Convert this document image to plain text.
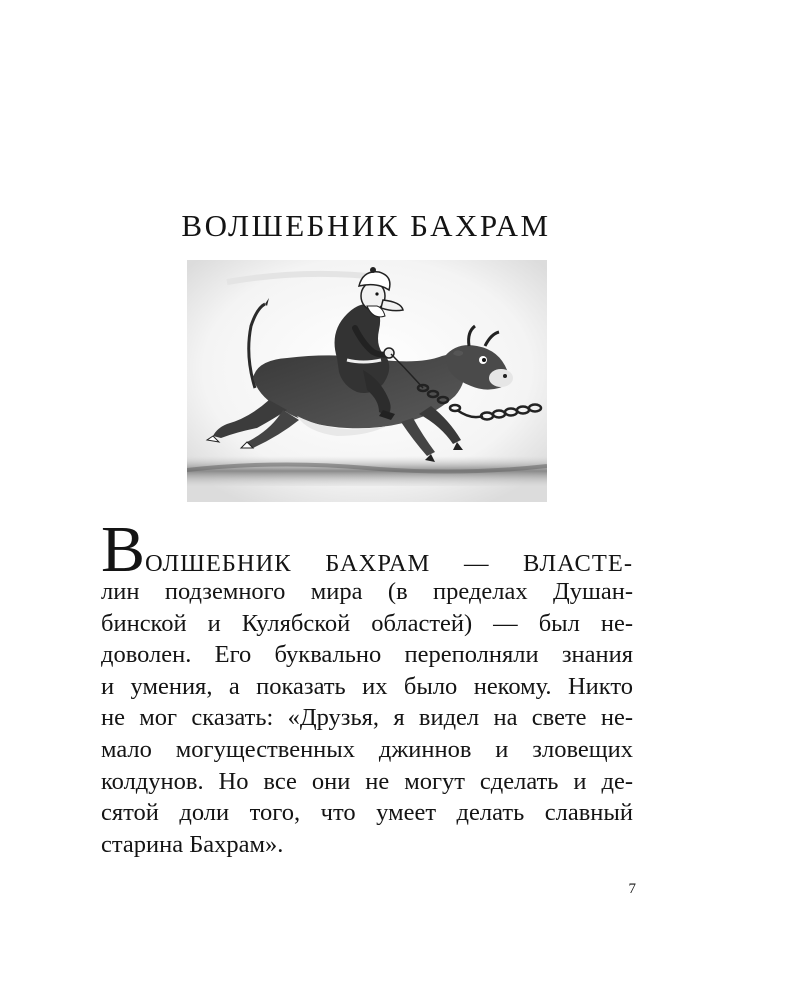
ВОЛШЕБНИК БАХРАМ
ВОЛШЕБНИК БАХРАМ — ВЛАСТЕ-
лин подземного мира (в пределах Душан-
бинской и Кулябской областей) — был не-
доволен. Его буквально переполняли знания
и умения, а показать их было некому. Никто
не мог сказать: «Друзья, я видел на свете не-
мало могущественных джиннов и зловещих
колдунов. Но все они не могут сделать и де-
сятой доли того, что умеет делать славный
старина Бахрам».
7
